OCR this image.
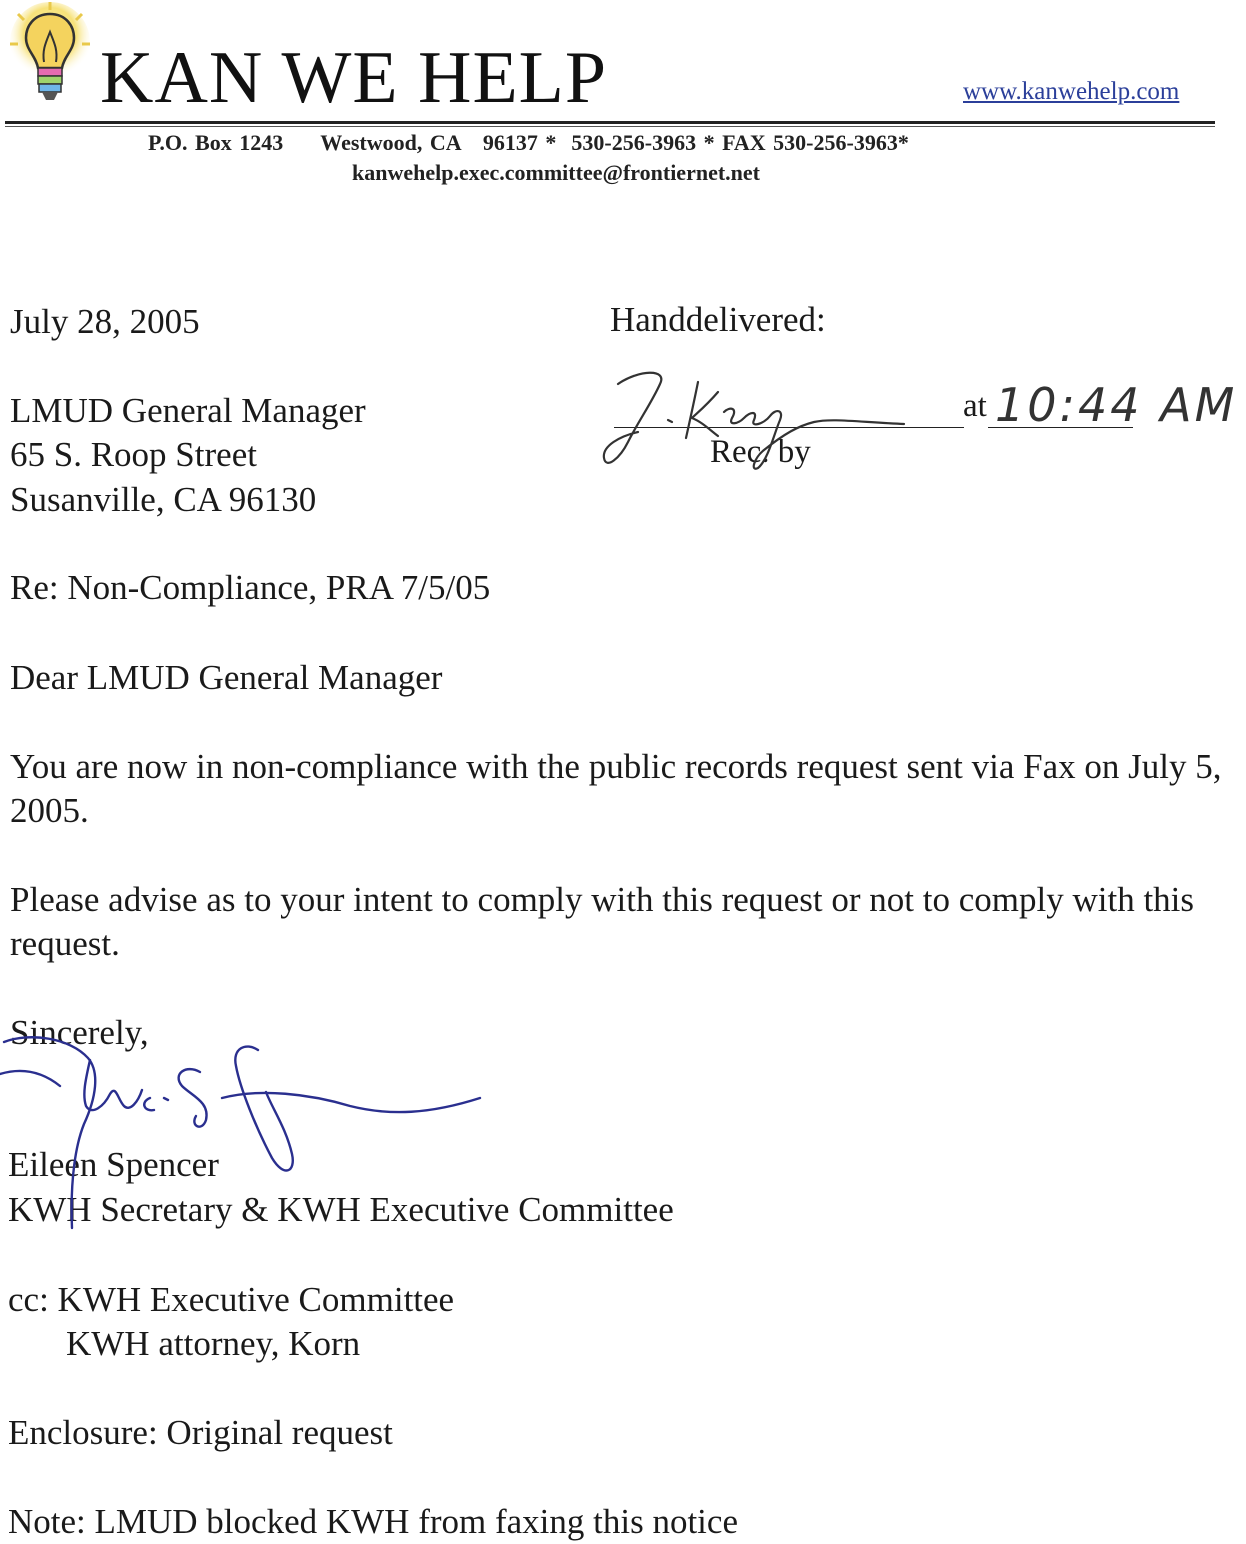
KAN WE HELP	www.kanwehelp.com
P.O. Box 1243     Westwood, CA   96137 *  530-256-3963 * FAX 530-256-3963*
kanwehelp.exec.committee@frontiernet.net
July 28, 2005	Handdelivered:
at
Rec. by
10:44 AM
LMUD General Manager
65 S. Roop Street
Susanville, CA 96130
Re: Non-Compliance, PRA 7/5/05
Dear LMUD General Manager
You are now in non-compliance with the public records request sent via Fax on July 5, 2005.
Please advise as to your intent to comply with this request or not to comply with this request.
Sincerely,
Eileen Spencer
KWH Secretary & KWH Executive Committee
cc: KWH Executive Committee
KWH attorney, Korn
Enclosure: Original request
Note: LMUD blocked KWH from faxing this notice
